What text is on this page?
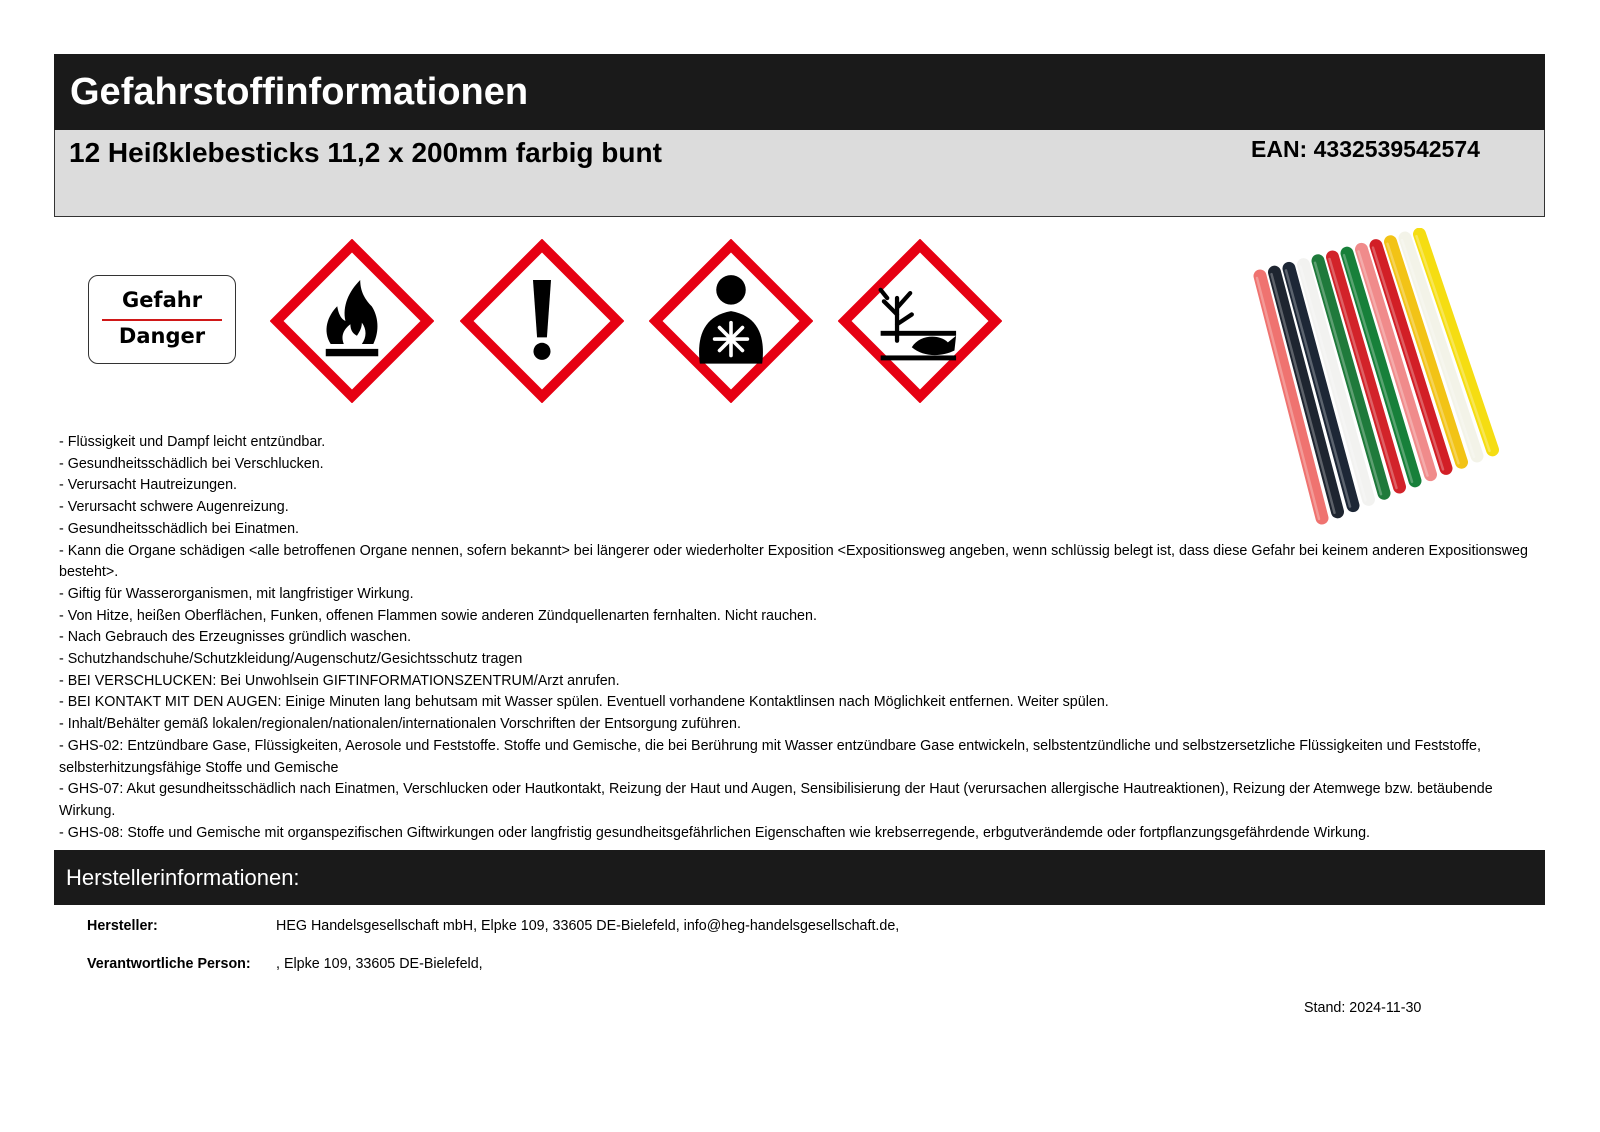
Gefahrstoffinformationen
12 Heißklebesticks 11,2 x 200mm farbig bunt	EAN: 4332539542574
Gefahr
Danger
- Flüssigkeit und Dampf leicht entzündbar.
- Gesundheitsschädlich bei Verschlucken.
- Verursacht Hautreizungen.
- Verursacht schwere Augenreizung.
- Gesundheitsschädlich bei Einatmen.
- Kann die Organe schädigen <alle betroffenen Organe nennen, sofern bekannt> bei längerer oder wiederholter Exposition <Expositionsweg angeben, wenn schlüssig belegt ist, dass diese Gefahr bei keinem anderen Expositionsweg besteht>.
- Giftig für Wasserorganismen, mit langfristiger Wirkung.
- Von Hitze, heißen Oberflächen, Funken, offenen Flammen sowie anderen Zündquellenarten fernhalten. Nicht rauchen.
- Nach Gebrauch des Erzeugnisses gründlich waschen.
- Schutzhandschuhe/Schutzkleidung/Augenschutz/Gesichtsschutz tragen
- BEI VERSCHLUCKEN: Bei Unwohlsein GIFTINFORMATIONSZENTRUM/Arzt anrufen.
- BEI KONTAKT MIT DEN AUGEN: Einige Minuten lang behutsam mit Wasser spülen. Eventuell vorhandene Kontaktlinsen nach Möglichkeit entfernen. Weiter spülen.
- Inhalt/Behälter gemäß lokalen/regionalen/nationalen/internationalen Vorschriften der Entsorgung zuführen.
- GHS-02: Entzündbare Gase, Flüssigkeiten, Aerosole und Feststoffe. Stoffe und Gemische, die bei Berührung mit Wasser entzündbare Gase entwickeln, selbstentzündliche und selbstzersetzliche Flüssigkeiten und Feststoffe, selbsterhitzungsfähige Stoffe und Gemische
- GHS-07: Akut gesundheitsschädlich nach Einatmen, Verschlucken oder Hautkontakt, Reizung der Haut und Augen, Sensibilisierung der Haut (verursachen allergische Hautreaktionen), Reizung der Atemwege bzw. betäubende Wirkung.
- GHS-08: Stoffe und Gemische mit organspezifischen Giftwirkungen oder langfristig gesundheitsgefährlichen Eigenschaften wie krebserregende, erbgutverändemde oder fortpflanzungsgefährdende Wirkung.
Herstellerinformationen:
Hersteller:	HEG Handelsgesellschaft mbH, Elpke 109, 33605 DE-Bielefeld, info@heg-handelsgesellschaft.de,
Verantwortliche Person: , Elpke 109, 33605 DE-Bielefeld,
Stand: 2024-11-30
